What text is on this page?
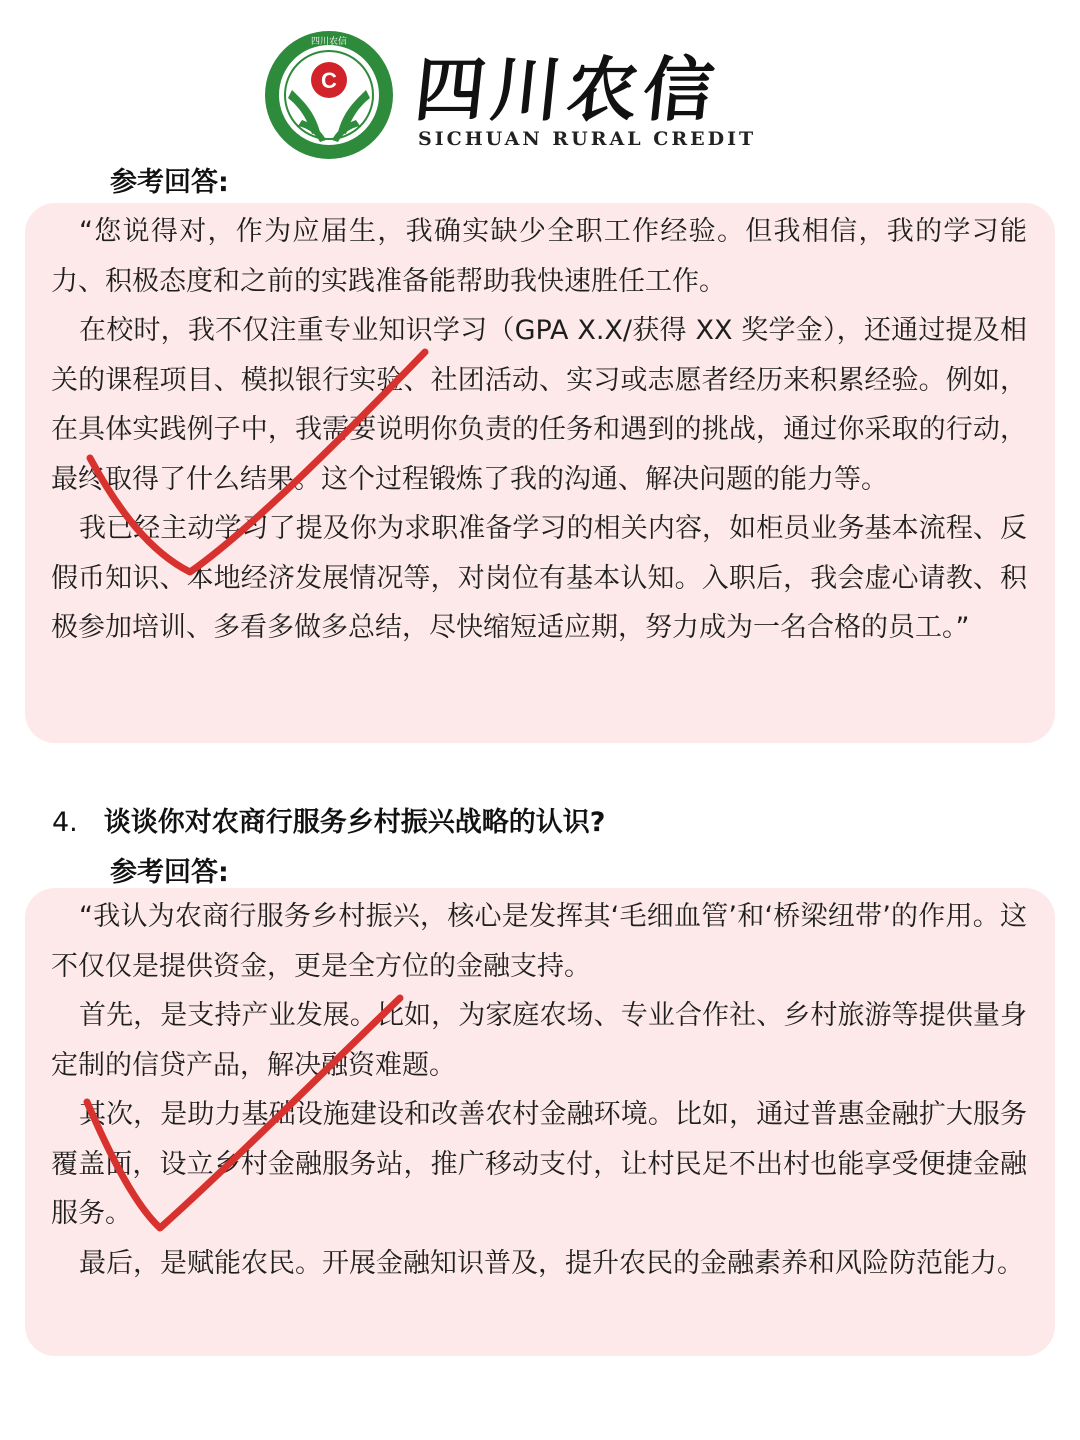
C
四川农信
四川农信
SICHUAN RURAL CREDIT
参考回答:

“您说得对，作为应届生，我确实缺少全职工作经验。但我相信，我的学习能力、积极态度和之前的实践准备能帮助我快速胜任工作。

在校时，我不仅注重专业知识学习（GPA X.X/获得 XX 奖学金），还通过提及相关的课程项目、模拟银行实验、社团活动、实习或志愿者经历来积累经验。例如，在具体实践例子中，我需要说明你负责的任务和遇到的挑战，通过你采取的行动，最终取得了什么结果。这个过程锻炼了我的沟通、解决问题的能力等。

我已经主动学习了提及你为求职准备学习的相关内容，如柜员业务基本流程、反假币知识、本地经济发展情况等，对岗位有基本认知。入职后，我会虚心请教、积极参加培训、多看多做多总结，尽快缩短适应期，努力成为一名合格的员工。”

4. 谈谈你对农商行服务乡村振兴战略的认识?
参考回答:

“我认为农商行服务乡村振兴，核心是发挥其‘毛细血管’和‘桥梁纽带’的作用。这不仅仅是提供资金，更是全方位的金融支持。

首先，是支持产业发展。比如，为家庭农场、专业合作社、乡村旅游等提供量身定制的信贷产品，解决融资难题。

其次，是助力基础设施建设和改善农村金融环境。比如，通过普惠金融扩大服务覆盖面，设立乡村金融服务站，推广移动支付，让村民足不出村也能享受便捷金融服务。

最后，是赋能农民。开展金融知识普及，提升农民的金融素养和风险防范能力。
